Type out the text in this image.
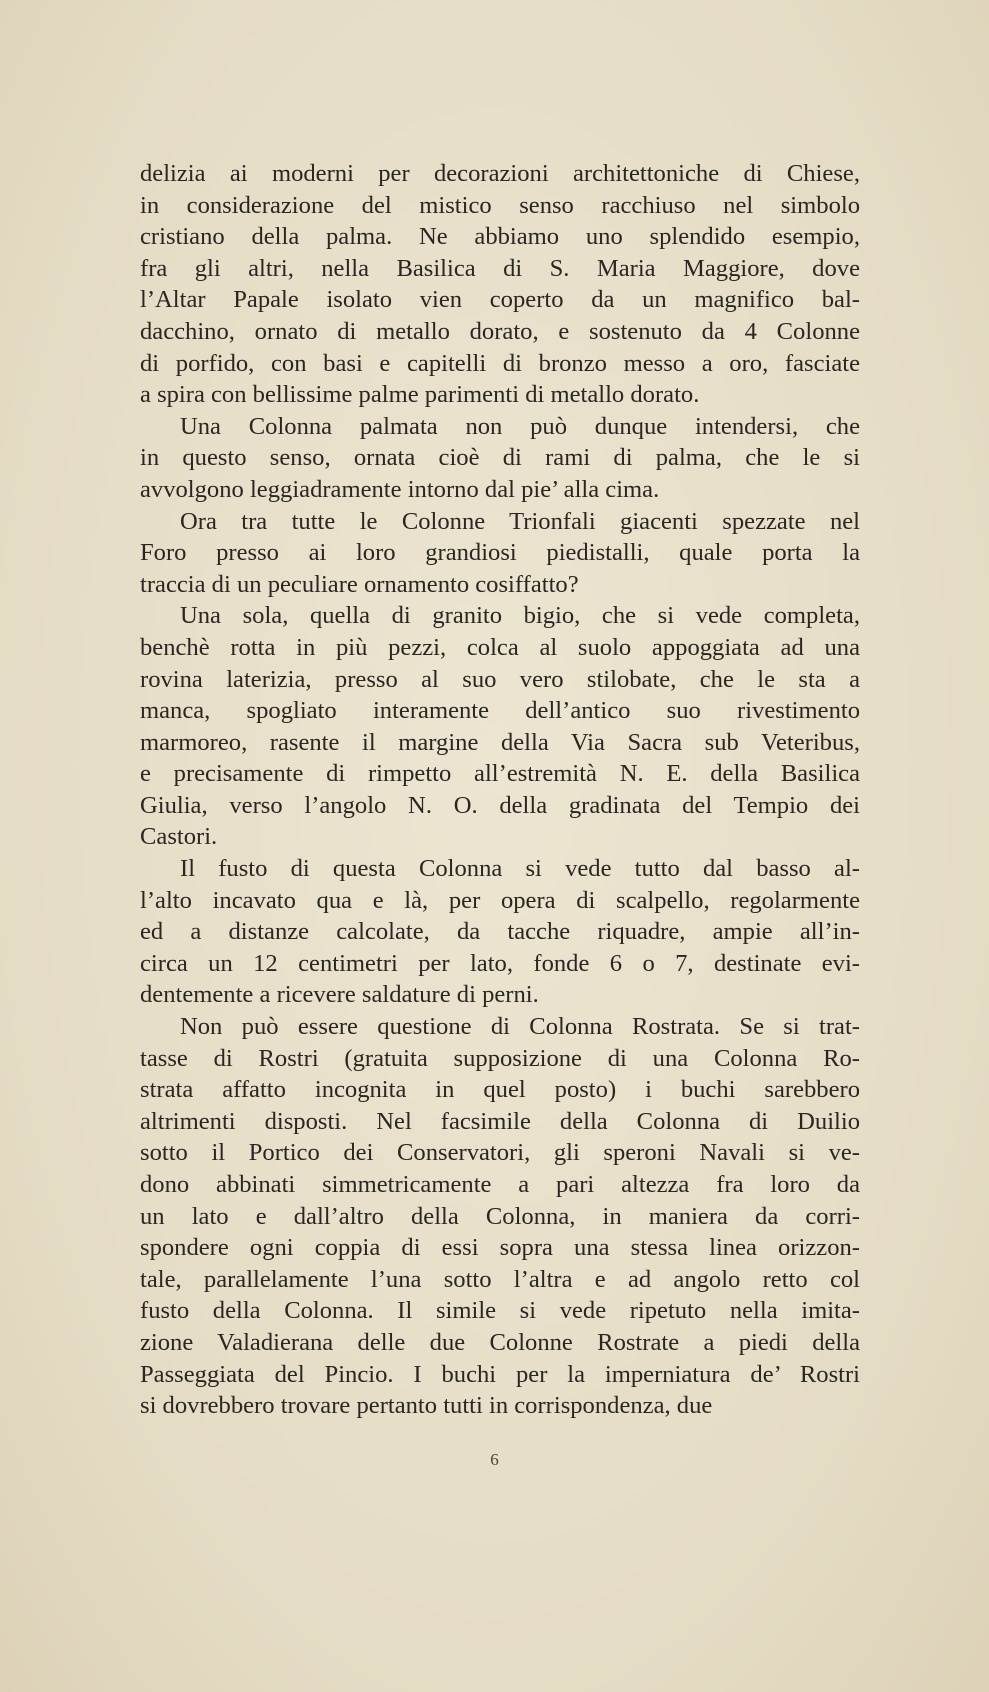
delizia ai moderni per decorazioni architettoniche di Chiese,
in considerazione del mistico senso racchiuso nel simbolo
cristiano della palma. Ne abbiamo uno splendido esempio,
fra gli altri, nella Basilica di S. Maria Maggiore, dove
l’Altar Papale isolato vien coperto da un magnifico bal-
dacchino, ornato di metallo dorato, e sostenuto da 4 Colonne
di porfido, con basi e capitelli di bronzo messo a oro, fasciate
a spira con bellissime palme parimenti di metallo dorato.

Una Colonna palmata non può dunque intendersi, che
in questo senso, ornata cioè di rami di palma, che le si
avvolgono leggiadramente intorno dal pie’ alla cima.

Ora tra tutte le Colonne Trionfali giacenti spezzate nel
Foro presso ai loro grandiosi piedistalli, quale porta la
traccia di un peculiare ornamento cosiffatto?

Una sola, quella di granito bigio, che si vede completa,
benchè rotta in più pezzi, colca al suolo appoggiata ad una
rovina laterizia, presso al suo vero stilobate, che le sta a
manca, spogliato interamente dell’antico suo rivestimento
marmoreo, rasente il margine della Via Sacra sub Veteribus,
e precisamente di rimpetto all’estremità N. E. della Basilica
Giulia, verso l’angolo N. O. della gradinata del Tempio dei
Castori.

Il fusto di questa Colonna si vede tutto dal basso al-
l’alto incavato qua e là, per opera di scalpello, regolarmente
ed a distanze calcolate, da tacche riquadre, ampie all’in-
circa un 12 centimetri per lato, fonde 6 o 7, destinate evi-
dentemente a ricevere saldature di perni.

Non può essere questione di Colonna Rostrata. Se si trat-
tasse di Rostri (gratuita supposizione di una Colonna Ro-
strata affatto incognita in quel posto) i buchi sarebbero
altrimenti disposti. Nel facsimile della Colonna di Duilio
sotto il Portico dei Conservatori, gli speroni Navali si ve-
dono abbinati simmetricamente a pari altezza fra loro da
un lato e dall’altro della Colonna, in maniera da corri-
spondere ogni coppia di essi sopra una stessa linea orizzon-
tale, parallelamente l’una sotto l’altra e ad angolo retto col
fusto della Colonna. Il simile si vede ripetuto nella imita-
zione Valadierana delle due Colonne Rostrate a piedi della
Passeggiata del Pincio. I buchi per la imperniatura de’ Rostri
si dovrebbero trovare pertanto tutti in corrispondenza, due

6
